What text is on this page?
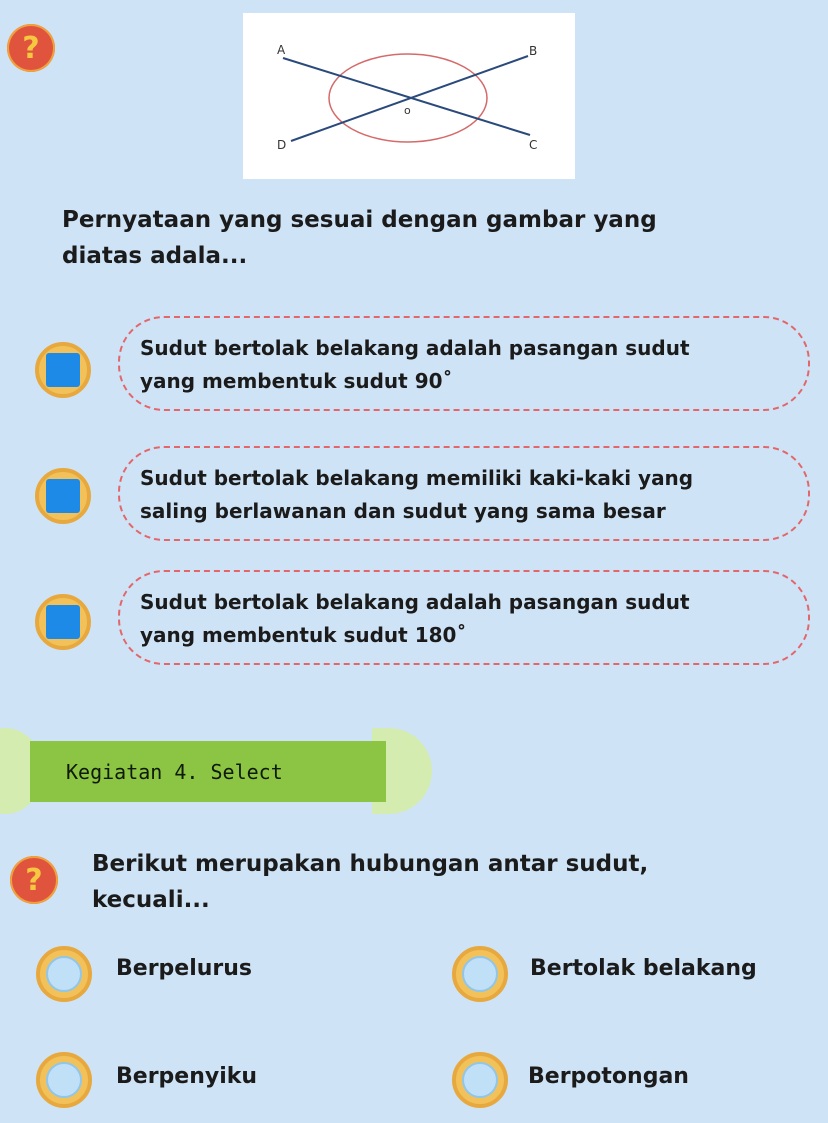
?	A	B
C
D
o
Pernyataan yang sesuai dengan gambar yang
diatas adala...
Sudut bertolak belakang adalah pasangan sudut
yang membentuk sudut 90˚
Sudut bertolak belakang memiliki kaki-kaki yang
saling berlawanan dan sudut yang sama besar
Sudut bertolak belakang adalah pasangan sudut
yang membentuk sudut 180˚
Kegiatan 4. Select
? Berikut merupakan hubungan antar sudut,
kecuali...
Berpelurus	Bertolak belakang
Berpenyiku	Berpotongan
